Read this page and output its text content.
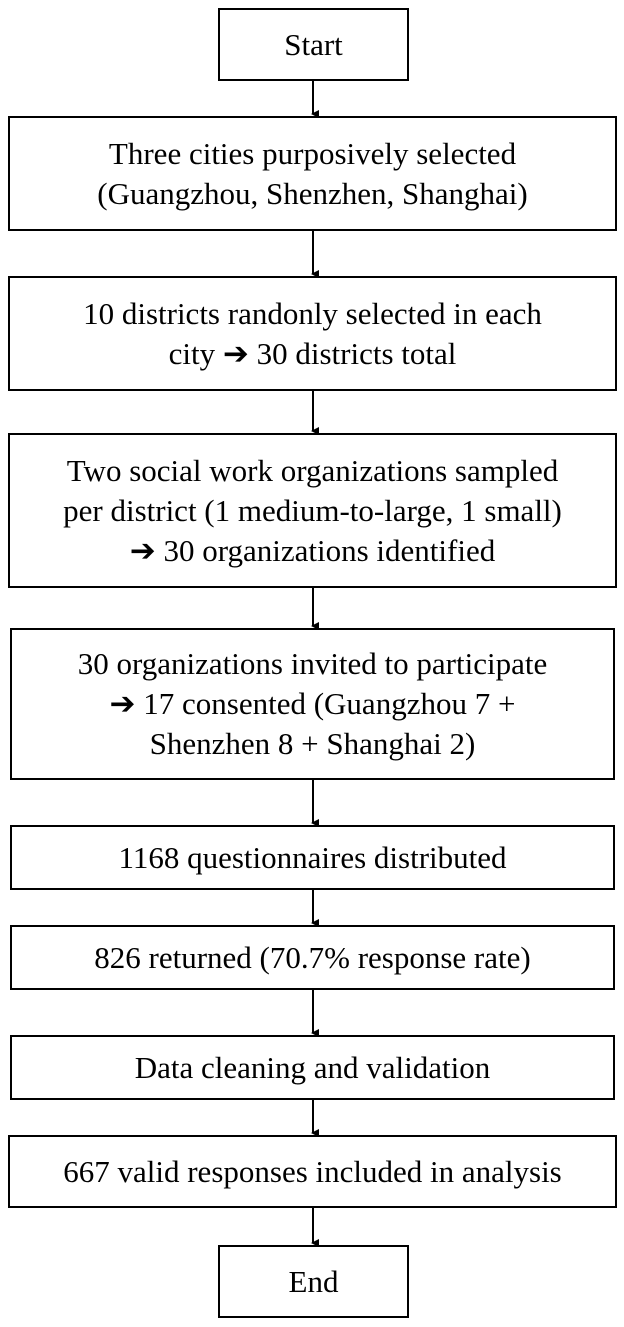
Start
Three cities purposively selected
(Guangzhou, Shenzhen, Shanghai)
10 districts randonly selected in each
city ➔ 30 districts total
Two social work organizations sampled
per district (1 medium-to-large, 1 small)
➔ 30 organizations identified
30 organizations invited to participate
➔ 17 consented (Guangzhou 7 +
Shenzhen 8 + Shanghai 2)
1168 questionnaires distributed
826 returned (70.7% response rate)
Data cleaning and validation
667 valid responses included in analysis
End
